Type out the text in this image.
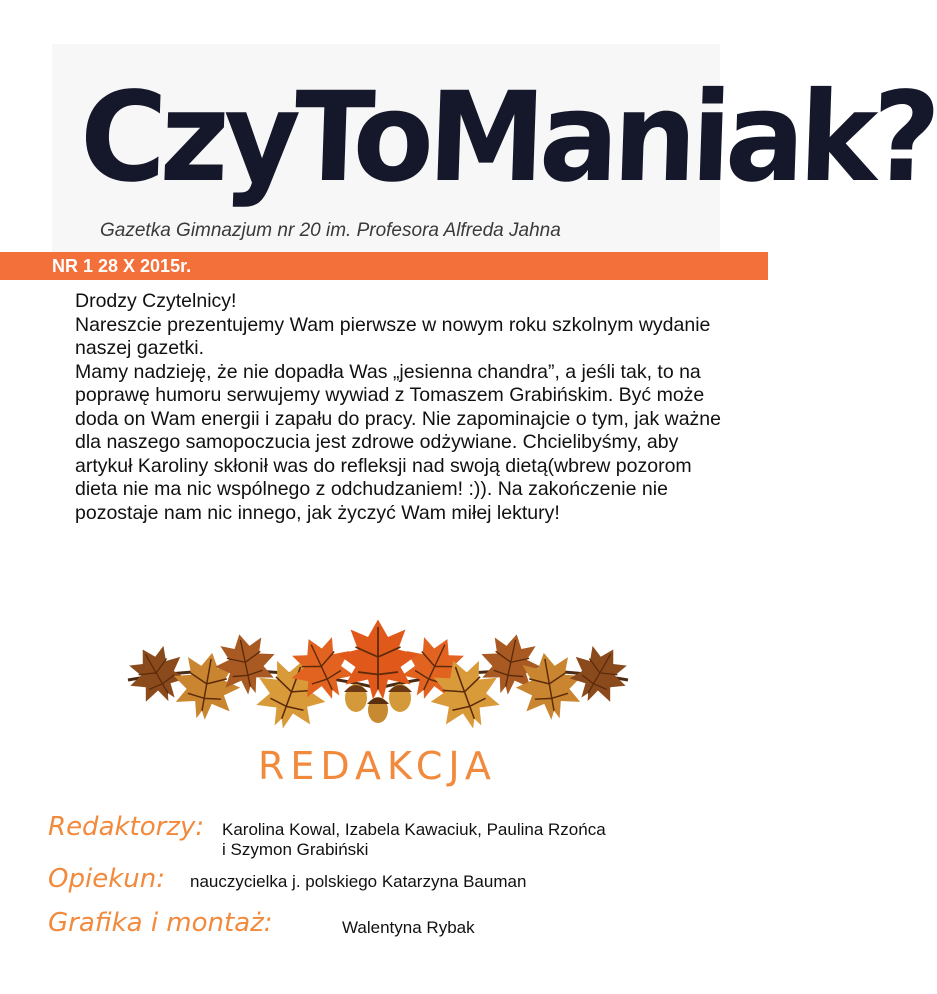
CzyToManiak?
Gazetka Gimnazjum nr 20 im. Profesora Alfreda Jahna
NR 1 28 X 2015r.

Drodzy Czytelnicy!

Nareszcie prezentujemy Wam pierwsze w nowym roku szkolnym wydanie naszej gazetki.

Mamy nadzieję, że nie dopadła Was „jesienna chandra”, a jeśli tak, to na poprawę humoru serwujemy wywiad z Tomaszem Grabińskim. Być może doda on Wam energii i zapału do pracy. Nie zapominajcie o tym, jak ważne dla naszego samopoczucia jest zdrowe odżywiane. Chcielibyśmy, aby artykuł Karoliny skłonił was do refleksji nad swoją dietą(wbrew pozorom dieta nie ma nic wspólnego z odchudzaniem! :)). Na zakończenie nie pozostaje nam nic innego, jak życzyć Wam miłej lektury!

REDAKCJA
Redaktorzy: Karolina Kowal, Izabela Kawaciuk, Paulina Rzońca
i Szymon Grabiński
Opiekun: nauczycielka j. polskiego Katarzyna Bauman
Grafika i montaż:	Walentyna Rybak
